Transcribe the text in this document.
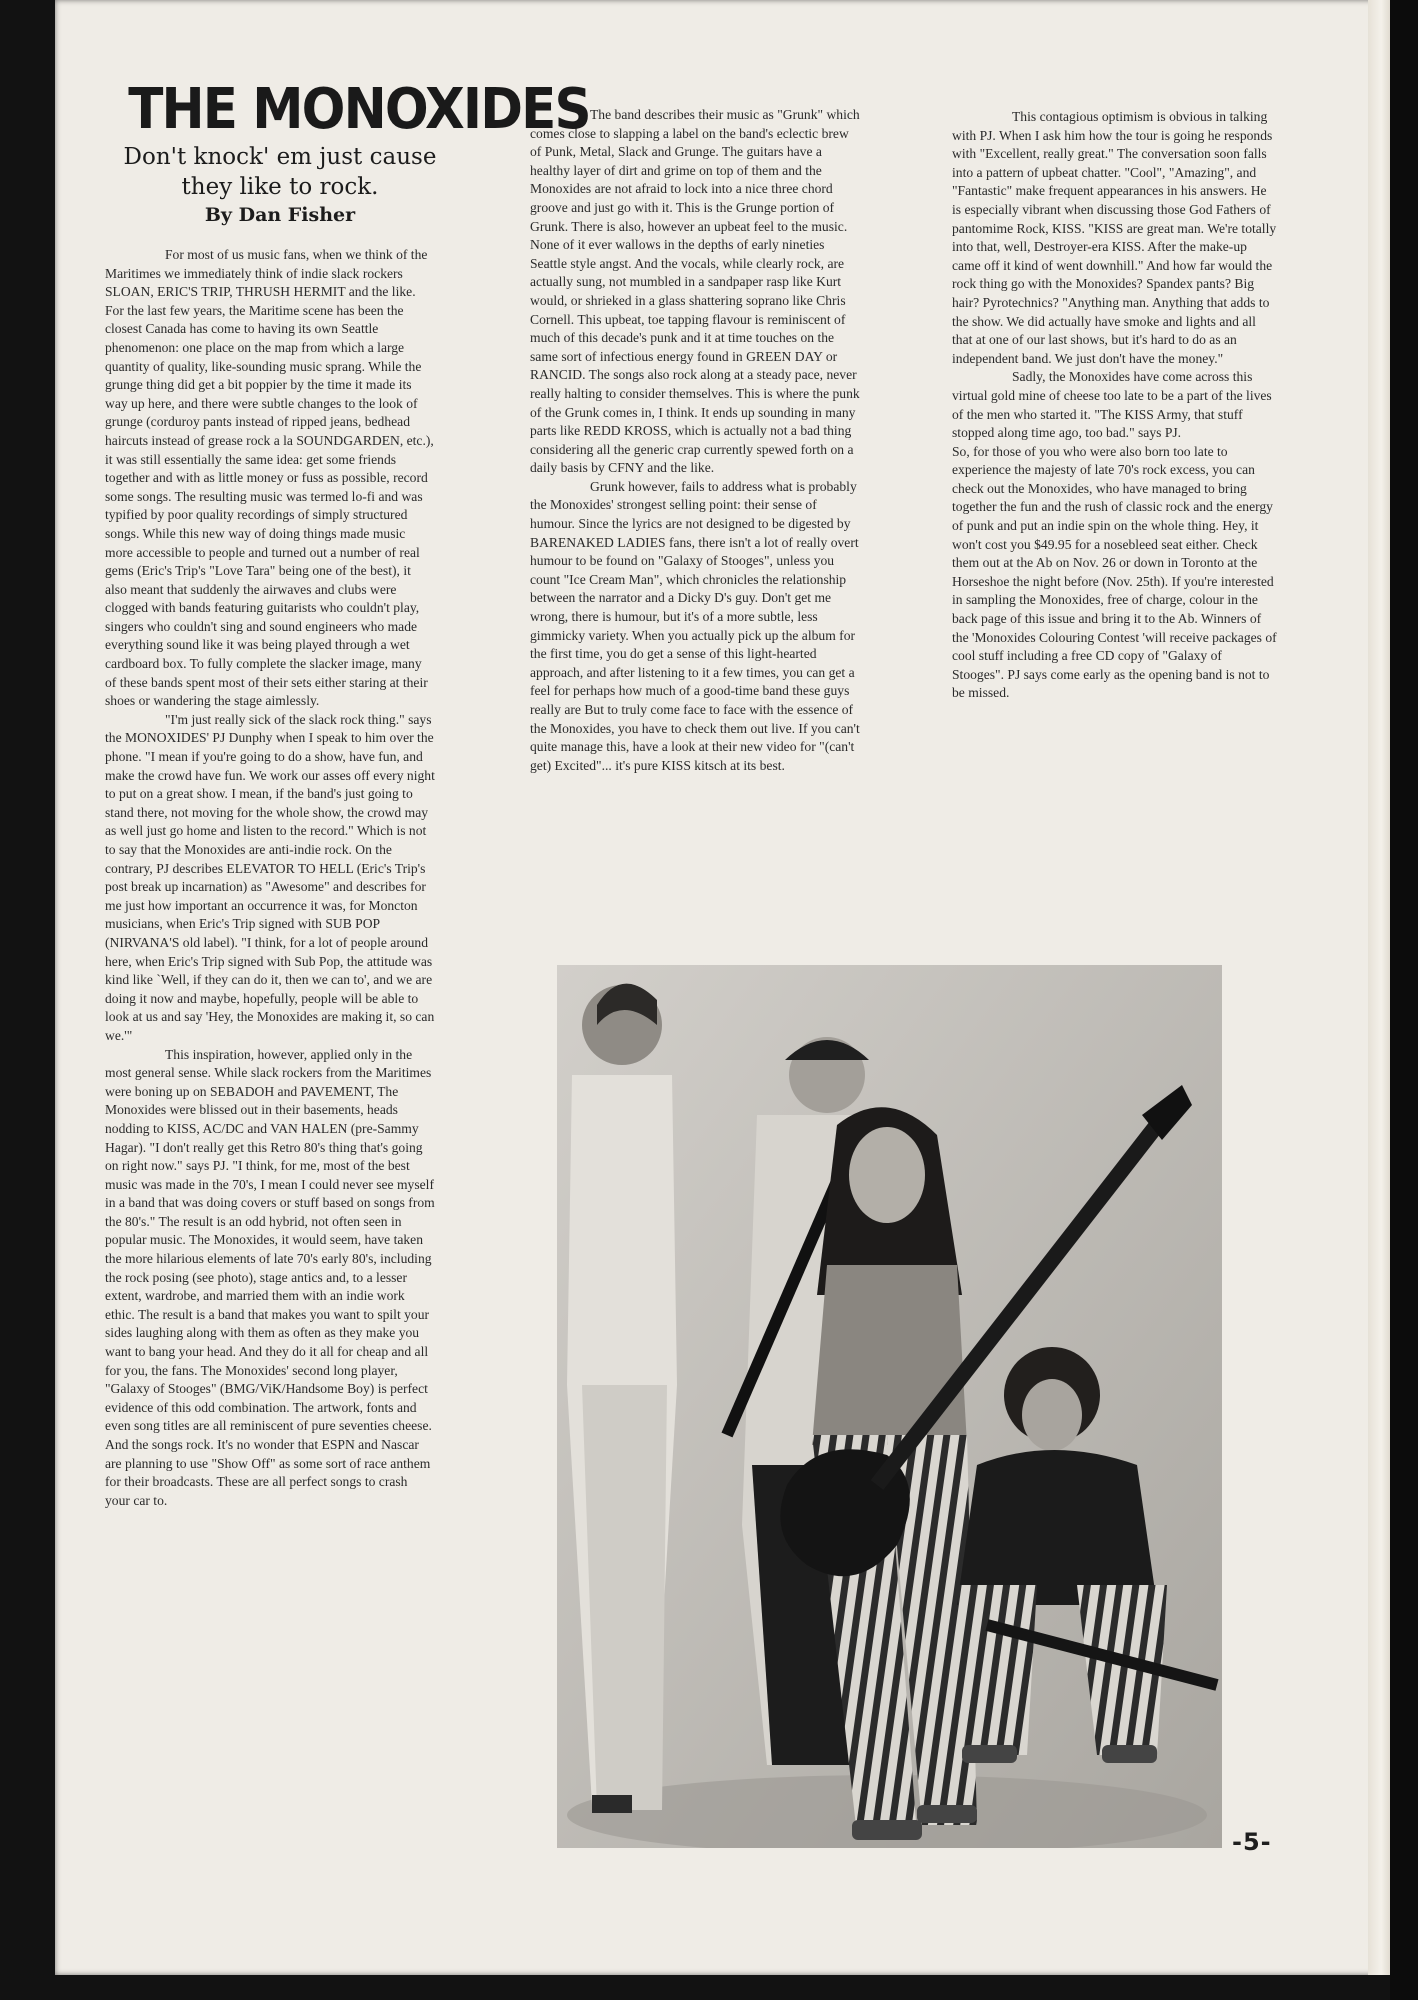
THE MONOXIDES
Don't knock' em just cause they like to rock.
By Dan Fisher

For most of us music fans, when we think of the Maritimes we immediately think of indie slack rockers SLOAN, ERIC'S TRIP, THRUSH HERMIT and the like. For the last few years, the Maritime scene has been the closest Canada has come to having its own Seattle phenomenon: one place on the map from which a large quantity of quality, like-sounding music sprang. While the grunge thing did get a bit poppier by the time it made its way up here, and there were subtle changes to the look of grunge (corduroy pants instead of ripped jeans, bedhead haircuts instead of grease rock a la SOUNDGARDEN, etc.), it was still essentially the same idea: get some friends together and with as little money or fuss as possible, record some songs. The resulting music was termed lo-fi and was typified by poor quality recordings of simply structured songs. While this new way of doing things made music more accessible to people and turned out a number of real gems (Eric's Trip's "Love Tara" being one of the best), it also meant that suddenly the airwaves and clubs were clogged with bands featuring guitarists who couldn't play, singers who couldn't sing and sound engineers who made everything sound like it was being played through a wet cardboard box. To fully complete the slacker image, many of these bands spent most of their sets either staring at their shoes or wandering the stage aimlessly.

"I'm just really sick of the slack rock thing." says the MONOXIDES' PJ Dunphy when I speak to him over the phone. "I mean if you're going to do a show, have fun, and make the crowd have fun. We work our asses off every night to put on a great show. I mean, if the band's just going to stand there, not moving for the whole show, the crowd may as well just go home and listen to the record." Which is not to say that the Monoxides are anti-indie rock. On the contrary, PJ describes ELEVATOR TO HELL (Eric's Trip's post break up incarnation) as "Awesome" and describes for me just how important an occurrence it was, for Moncton musicians, when Eric's Trip signed with SUB POP (NIRVANA'S old label). "I think, for a lot of people around here, when Eric's Trip signed with Sub Pop, the attitude was kind like `Well, if they can do it, then we can to', and we are doing it now and maybe, hopefully, people will be able to look at us and say 'Hey, the Monoxides are making it, so can we.'"

This inspiration, however, applied only in the most general sense. While slack rockers from the Maritimes were boning up on SEBADOH and PAVEMENT, The Monoxides were blissed out in their basements, heads nodding to KISS, AC/DC and VAN HALEN (pre-Sammy Hagar). "I don't really get this Retro 80's thing that's going on right now." says PJ. "I think, for me, most of the best music was made in the 70's, I mean I could never see myself in a band that was doing covers or stuff based on songs from the 80's." The result is an odd hybrid, not often seen in popular music. The Monoxides, it would seem, have taken the more hilarious elements of late 70's early 80's, including the rock posing (see photo), stage antics and, to a lesser extent, wardrobe, and married them with an indie work ethic. The result is a band that makes you want to spilt your sides laughing along with them as often as they make you want to bang your head. And they do it all for cheap and all for you, the fans. The Monoxides' second long player, "Galaxy of Stooges" (BMG/ViK/Handsome Boy) is perfect evidence of this odd combination. The artwork, fonts and even song titles are all reminiscent of pure seventies cheese. And the songs rock. It's no wonder that ESPN and Nascar are planning to use "Show Off" as some sort of race anthem for their broadcasts. These are all perfect songs to crash your car to.

The band describes their music as "Grunk" which comes close to slapping a label on the band's eclectic brew of Punk, Metal, Slack and Grunge. The guitars have a healthy layer of dirt and grime on top of them and the Monoxides are not afraid to lock into a nice three chord groove and just go with it. This is the Grunge portion of Grunk. There is also, however an upbeat feel to the music. None of it ever wallows in the depths of early nineties Seattle style angst. And the vocals, while clearly rock, are actually sung, not mumbled in a sandpaper rasp like Kurt would, or shrieked in a glass shattering soprano like Chris Cornell. This upbeat, toe tapping flavour is reminiscent of much of this decade's punk and it at time touches on the same sort of infectious energy found in GREEN DAY or RANCID. The songs also rock along at a steady pace, never really halting to consider themselves. This is where the punk of the Grunk comes in, I think. It ends up sounding in many parts like REDD KROSS, which is actually not a bad thing considering all the generic crap currently spewed forth on a daily basis by CFNY and the like.

Grunk however, fails to address what is probably the Monoxides' strongest selling point: their sense of humour. Since the lyrics are not designed to be digested by BARENAKED LADIES fans, there isn't a lot of really overt humour to be found on "Galaxy of Stooges", unless you count "Ice Cream Man", which chronicles the relationship between the narrator and a Dicky D's guy. Don't get me wrong, there is humour, but it's of a more subtle, less gimmicky variety. When you actually pick up the album for the first time, you do get a sense of this light-hearted approach, and after listening to it a few times, you can get a feel for perhaps how much of a good-time band these guys really are But to truly come face to face with the essence of the Monoxides, you have to check them out live. If you can't quite manage this, have a look at their new video for "(can't get) Excited"... it's pure KISS kitsch at its best.

This contagious optimism is obvious in talking with PJ. When I ask him how the tour is going he responds with "Excellent, really great." The conversation soon falls into a pattern of upbeat chatter. "Cool", "Amazing", and "Fantastic" make frequent appearances in his answers. He is especially vibrant when discussing those God Fathers of pantomime Rock, KISS. "KISS are great man. We're totally into that, well, Destroyer-era KISS. After the make-up came off it kind of went downhill." And how far would the rock thing go with the Monoxides? Spandex pants? Big hair? Pyrotechnics? "Anything man. Anything that adds to the show. We did actually have smoke and lights and all that at one of our last shows, but it's hard to do as an independent band. We just don't have the money."

Sadly, the Monoxides have come across this virtual gold mine of cheese too late to be a part of the lives of the men who started it. "The KISS Army, that stuff stopped along time ago, too bad." says PJ.

So, for those of you who were also born too late to experience the majesty of late 70's rock excess, you can check out the Monoxides, who have managed to bring together the fun and the rush of classic rock and the energy of punk and put an indie spin on the whole thing. Hey, it won't cost you $49.95 for a nosebleed seat either. Check them out at the Ab on Nov. 26 or down in Toronto at the Horseshoe the night before (Nov. 25th). If you're interested in sampling the Monoxides, free of charge, colour in the back page of this issue and bring it to the Ab. Winners of the 'Monoxides Colouring Contest 'will receive packages of cool stuff including a free CD copy of "Galaxy of Stooges". PJ says come early as the opening band is not to be missed.

-5-
